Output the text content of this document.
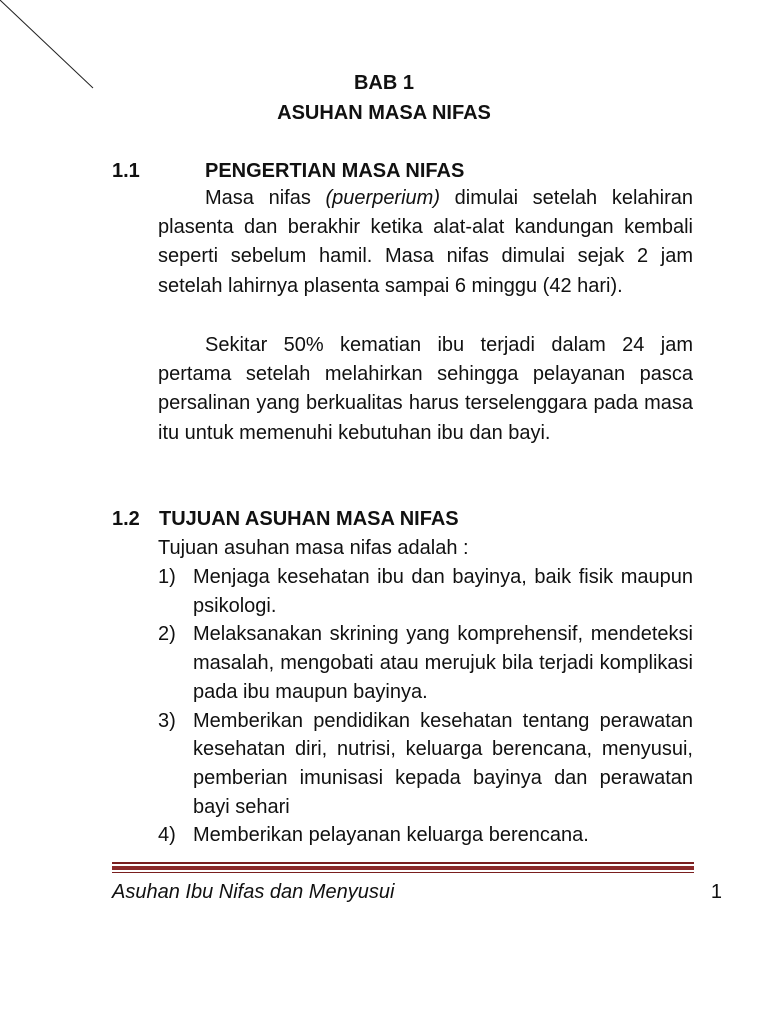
BAB 1
ASUHAN MASA NIFAS
1.1	PENGERTIAN MASA NIFAS
Masa nifas (puerperium) dimulai setelah kelahiran plasenta dan berakhir ketika alat-alat kandungan kembali seperti sebelum hamil. Masa nifas dimulai sejak 2 jam setelah lahirnya plasenta sampai 6 minggu (42 hari).
Sekitar 50% kematian ibu terjadi dalam 24 jam pertama setelah melahirkan sehingga pelayanan pasca persalinan yang berkualitas harus terselenggara pada masa itu untuk memenuhi kebutuhan ibu dan bayi.
1.2 TUJUAN ASUHAN MASA NIFAS
Tujuan asuhan masa nifas adalah :
1) Menjaga kesehatan ibu dan bayinya, baik fisik maupun psikologi.
2) Melaksanakan skrining yang komprehensif, mendeteksi masalah, mengobati atau merujuk bila terjadi komplikasi pada ibu maupun bayinya.
3) Memberikan pendidikan kesehatan tentang perawatan kesehatan diri, nutrisi, keluarga berencana, menyusui, pemberian imunisasi kepada bayinya dan perawatan bayi sehari
4) Memberikan pelayanan keluarga berencana.
Asuhan Ibu Nifas dan Menyusui	1
